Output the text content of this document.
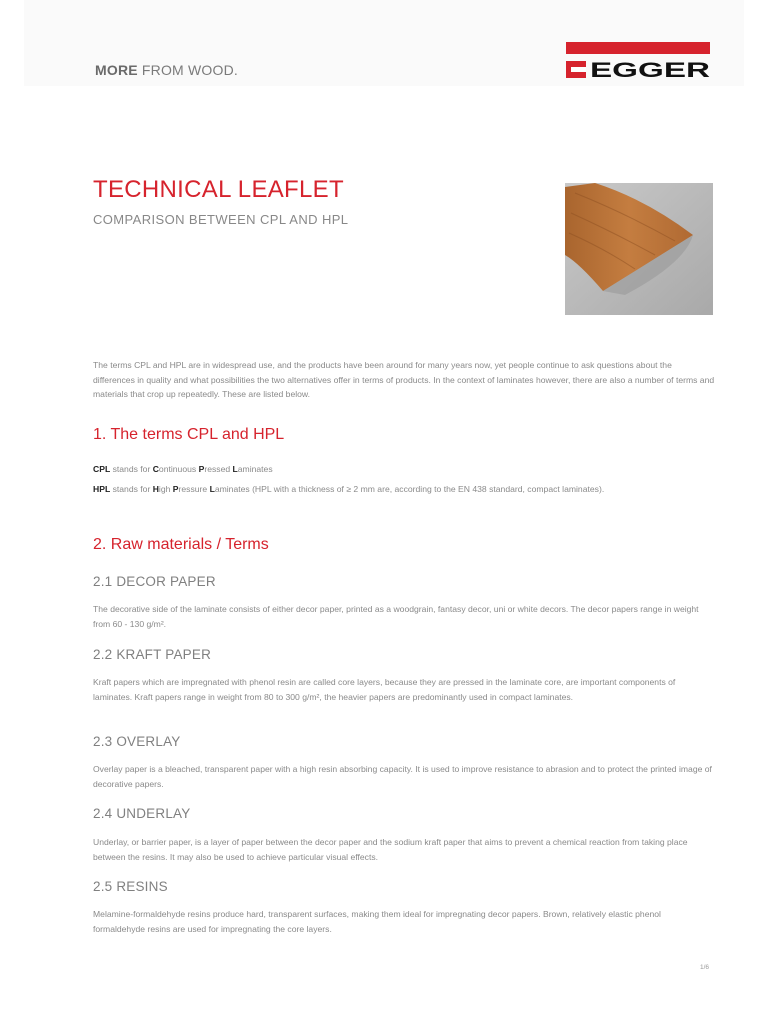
MORE FROM WOOD.	EGGER
TECHNICAL LEAFLET
COMPARISON BETWEEN CPL AND HPL
The terms CPL and HPL are in widespread use, and the products have been around for many years now, yet people continue to ask questions about the differences in quality and what possibilities the two alternatives offer in terms of products. In the context of laminates however, there are also a number of terms and materials that crop up repeatedly. These are listed below.
1. The terms CPL and HPL
CPL stands for Continuous Pressed Laminates
HPL stands for High Pressure Laminates (HPL with a thickness of ≥ 2 mm are, according to the EN 438 standard, compact laminates).
2. Raw materials / Terms
2.1 DECOR PAPER
The decorative side of the laminate consists of either decor paper, printed as a woodgrain, fantasy decor, uni or white decors. The decor papers range in weight from 60 - 130 g/m².
2.2 KRAFT PAPER
Kraft papers which are impregnated with phenol resin are called core layers, because they are pressed in the laminate core, are important components of laminates. Kraft papers range in weight from 80 to 300 g/m², the heavier papers are predominantly used in compact laminates.
2.3 OVERLAY
Overlay paper is a bleached, transparent paper with a high resin absorbing capacity. It is used to improve resistance to abrasion and to protect the printed image of decorative papers.
2.4 UNDERLAY
Underlay, or barrier paper, is a layer of paper between the decor paper and the sodium kraft paper that aims to prevent a chemical reaction from taking place between the resins. It may also be used to achieve particular visual effects.
2.5 RESINS
Melamine-formaldehyde resins produce hard, transparent surfaces, making them ideal for impregnating decor papers. Brown, relatively elastic phenol formaldehyde resins are used for impregnating the core layers.
1/6
